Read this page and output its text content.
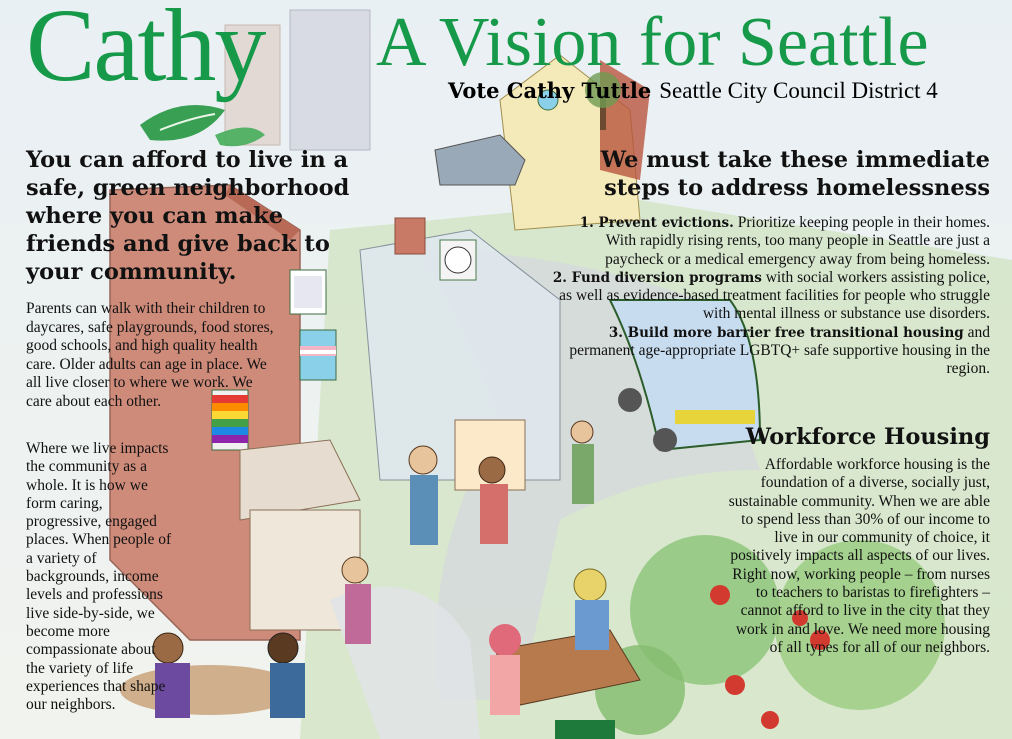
Cathy A Vision for Seattle
Vote Cathy Tuttle Seattle City Council District 4
You can afford to live in a safe, green neighborhood where you can make friends and give back to your community.
Parents can walk with their children to daycares, safe playgrounds, food stores, good schools, and high quality health care. Older adults can age in place. We all live closer to where we work. We care about each other.
Where we live impacts the community as a whole. It is how we form caring, progressive, engaged places. When people of a variety of backgrounds, income levels and professions live side-by-side, we become more compassionate about the variety of life experiences that shape our neighbors.
We must take these immediate steps to address homelessness
1. Prevent evictions. Prioritize keeping people in their homes. With rapidly rising rents, too many people in Seattle are just a paycheck or a medical emergency away from being homeless.
2. Fund diversion programs with social workers assisting police, as well as evidence-based treatment facilities for people who struggle with mental illness or substance use disorders.
3. Build more barrier free transitional housing and permanent age-appropriate LGBTQ+ safe supportive housing in the region.
Workforce Housing
Affordable workforce housing is the foundation of a diverse, socially just, sustainable community. When we are able to spend less than 30% of our income to live in our community of choice, it positively impacts all aspects of our lives. Right now, working people – from nurses to teachers to baristas to firefighters – cannot afford to live in the city that they work in and love. We need more housing of all types for all of our neighbors.
